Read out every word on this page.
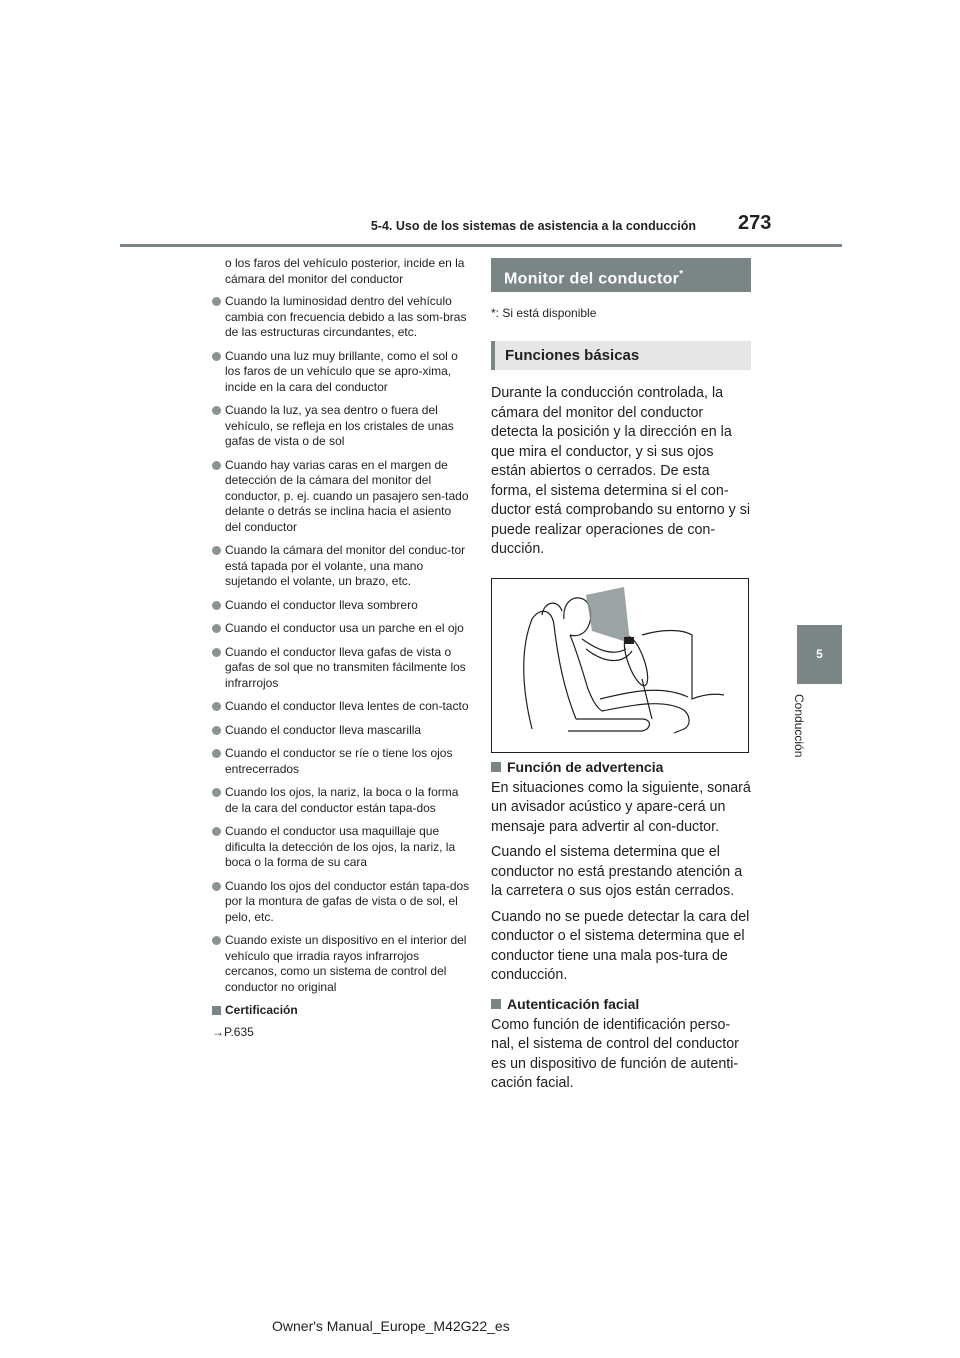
5-4. Uso de los sistemas de asistencia a la conducción 273
5
Conducción

o los faros del vehículo posterior, incide en la cámara del monitor del conductor

Cuando la luminosidad dentro del vehículo cambia con frecuencia debido a las som-bras de las estructuras circundantes, etc.
Cuando una luz muy brillante, como el sol o los faros de un vehículo que se apro-xima, incide en la cara del conductor
Cuando la luz, ya sea dentro o fuera del vehículo, se refleja en los cristales de unas gafas de vista o de sol
Cuando hay varias caras en el margen de detección de la cámara del monitor del conductor, p. ej. cuando un pasajero sen-tado delante o detrás se inclina hacia el asiento del conductor
Cuando la cámara del monitor del conduc-tor está tapada por el volante, una mano sujetando el volante, un brazo, etc.
Cuando el conductor lleva sombrero
Cuando el conductor usa un parche en el ojo
Cuando el conductor lleva gafas de vista o gafas de sol que no transmiten fácilmente los infrarrojos
Cuando el conductor lleva lentes de con-tacto
Cuando el conductor lleva mascarilla
Cuando el conductor se ríe o tiene los ojos entrecerrados
Cuando los ojos, la nariz, la boca o la forma de la cara del conductor están tapa-dos
Cuando el conductor usa maquillaje que dificulta la detección de los ojos, la nariz, la boca o la forma de su cara
Cuando los ojos del conductor están tapa-dos por la montura de gafas de vista o de sol, el pelo, etc.
Cuando existe un dispositivo en el interior del vehículo que irradia rayos infrarrojos cercanos, como un sistema de control del conductor no original
Certificación

→P.635

Monitor del conductor*

*: Si está disponible

Funciones básicas

Durante la conducción controlada, la cámara del monitor del conductor detecta la posición y la dirección en la que mira el conductor, y si sus ojos están abiertos o cerrados. De esta forma, el sistema determina si el con-ductor está comprobando su entorno y si puede realizar operaciones de con-ducción.

Función de advertencia

En situaciones como la siguiente, sonará un avisador acústico y apare-cerá un mensaje para advertir al con-ductor.

Cuando el sistema determina que el conductor no está prestando atención a la carretera o sus ojos están cerrados.

Cuando no se puede detectar la cara del conductor o el sistema determina que el conductor tiene una mala pos-tura de conducción.

Autenticación facial

Como función de identificación perso-nal, el sistema de control del conductor es un dispositivo de función de autenti-cación facial.

Owner's Manual_Europe_M42G22_es
